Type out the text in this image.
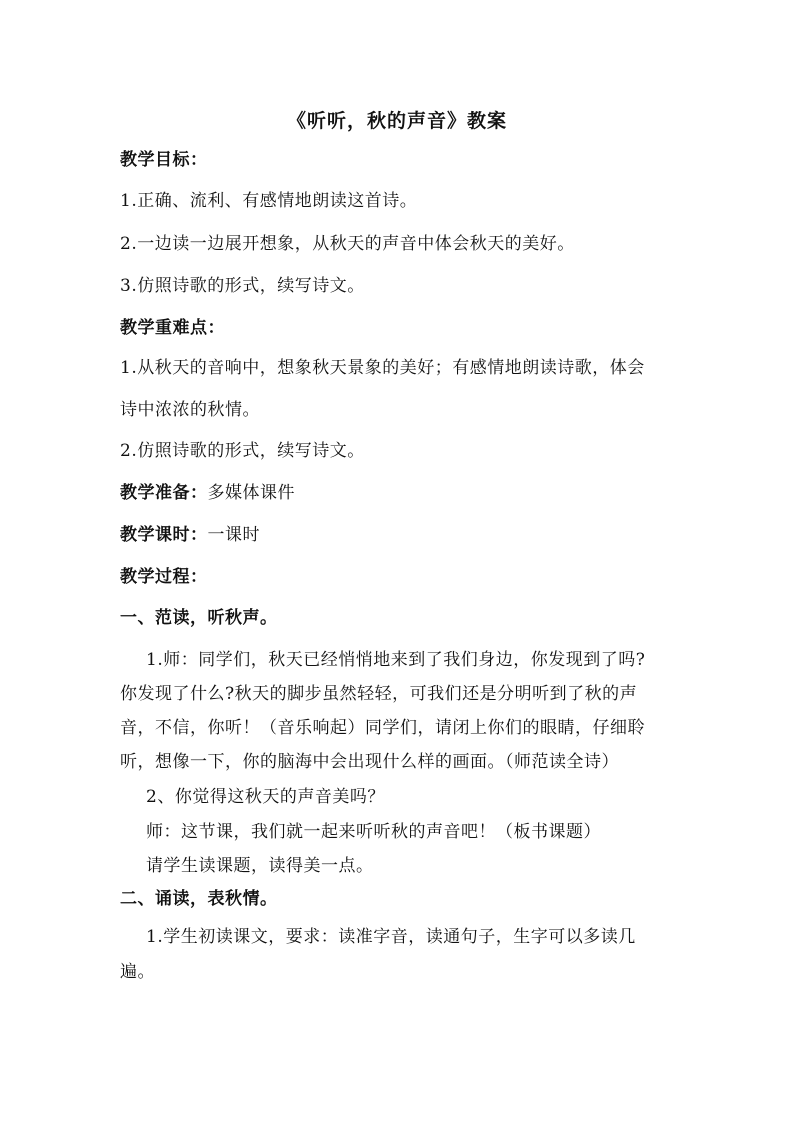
《听听，秋的声音》教案
教学目标：
1.正确、流利、有感情地朗读这首诗。
2.一边读一边展开想象，从秋天的声音中体会秋天的美好。
3.仿照诗歌的形式，续写诗文。
教学重难点：
1.从秋天的音响中，想象秋天景象的美好；有感情地朗读诗歌，体会
诗中浓浓的秋情。
2.仿照诗歌的形式，续写诗文。
教学准备：多媒体课件
教学课时：一课时
教学过程：
一、范读，听秋声。
1.师：同学们，秋天已经悄悄地来到了我们身边，你发现到了吗?
你发现了什么?秋天的脚步虽然轻轻，可我们还是分明听到了秋的声
音，不信，你听！（音乐响起）同学们，请闭上你们的眼睛，仔细聆
听，想像一下，你的脑海中会出现什么样的画面。（师范读全诗）
2、你觉得这秋天的声音美吗？
师：这节课，我们就一起来听听秋的声音吧！（板书课题）
请学生读课题，读得美一点。
二、诵读，表秋情。
1.学生初读课文，要求：读准字音，读通句子，生字可以多读几
遍。
